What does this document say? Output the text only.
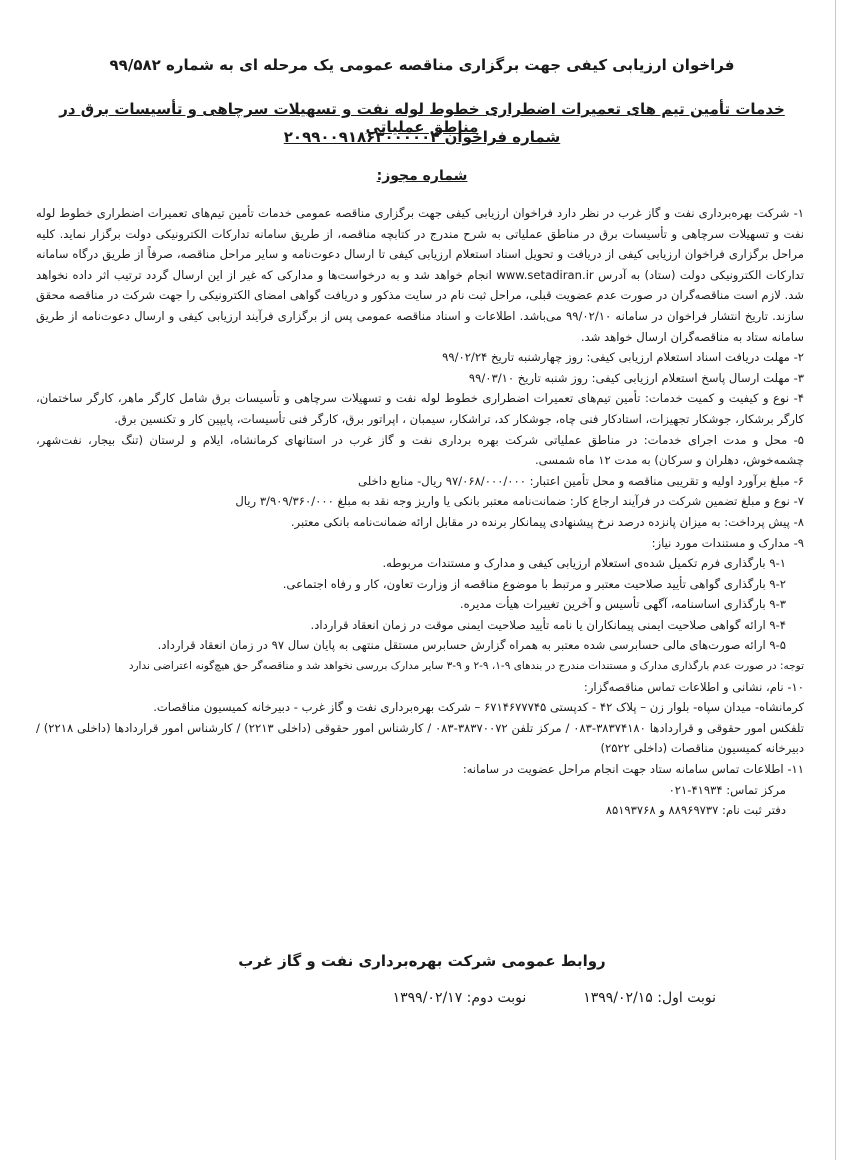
فراخوان ارزیابی کیفی جهت برگزاری مناقصه عمومی یک مرحله ای به شماره ۹۹/۵۸۲
خدمات تأمین تیم های تعمیرات اضطراری خطوط لوله نفت و تسهیلات سرچاهی و تأسیسات برق در مناطق عملیاتی
شماره فراخوان ۲۰۹۹۰۰۹۱۸۶۳۰۰۰۰۰۴
شماره مجوز:

۱- شرکت بهره‌برداری نفت و گاز غرب در نظر دارد فراخوان ارزیابی کیفی جهت برگزاری مناقصه عمومی خدمات تأمین تیم‌های تعمیرات اضطراری خطوط لوله نفت و تسهیلات سرچاهی و تأسیسات برق در مناطق عملیاتی به شرح مندرج در کتابچه مناقصه، از طریق سامانه تدارکات الکترونیکی دولت برگزار نماید. کلیه مراحل برگزاری فراخوان ارزیابی کیفی از دریافت و تحویل اسناد استعلام ارزیابی کیفی تا ارسال دعوت‌نامه و سایر مراحل مناقصه، صرفاً از طریق درگاه سامانه تدارکات الکترونیکی دولت (ستاد) به آدرس www.setadiran.ir انجام خواهد شد و به درخواست‌ها و مدارکی که غیر از این ارسال گردد ترتیب اثر داده نخواهد شد. لازم است مناقصه‌گران در صورت عدم عضویت قبلی، مراحل ثبت نام در سایت مذکور و دریافت گواهی امضای الکترونیکی را جهت شرکت در مناقصه محقق سازند. تاریخ انتشار فراخوان در سامانه ۹۹/۰۲/۱۰ می‌باشد. اطلاعات و اسناد مناقصه عمومی پس از برگزاری فرآیند ارزیابی کیفی و ارسال دعوت‌نامه از طریق سامانه ستاد به مناقصه‌گران ارسال خواهد شد.

۲- مهلت دریافت اسناد استعلام ارزیابی کیفی: روز چهارشنبه تاریخ ۹۹/۰۲/۲۴

۳- مهلت ارسال پاسخ استعلام ارزیابی کیفی: روز شنبه تاریخ ۹۹/۰۳/۱۰

۴- نوع و کیفیت و کمیت خدمات: تأمین تیم‌های تعمیرات اضطراری خطوط لوله نفت و تسهیلات سرچاهی و تأسیسات برق شامل کارگر ماهر، کارگر ساختمان، کارگر برشکار، جوشکار تجهیزات، استادکار فنی چاه، جوشکار کد، تراشکار، سیمبان ، اپراتور برق، کارگر فنی تأسیسات، پایپین کار و تکنسین برق.

۵- محل و مدت اجرای خدمات: در مناطق عملیاتی شرکت بهره برداری نفت و گاز غرب در استانهای کرمانشاه، ایلام و لرستان (تنگ بیجار، نفت‌شهر، چشمه‌خوش، دهلران و سرکان) به مدت ۱۲ ماه شمسی.

۶- مبلغ برآورد اولیه و تقریبی مناقصه و محل تأمین اعتبار: ۹۷/۰۶۸/۰۰۰/۰۰۰ ریال- منابع داخلی

۷- نوع و مبلغ تضمین شرکت در فرآیند ارجاع کار: ضمانت‌نامه معتبر بانکی یا واریز وجه نقد به مبلغ ۳/۹۰۹/۳۶۰/۰۰۰ ریال

۸- پیش پرداخت: به میزان پانزده درصد نرخ پیشنهادی پیمانکار برنده در مقابل ارائه ضمانت‌نامه بانکی معتبر.

۹- مدارک و مستندات مورد نیاز:

۹-۱ بارگذاری فرم تکمیل شده‌ی استعلام ارزیابی کیفی و مدارک و مستندات مربوطه.

۹-۲ بارگذاری گواهی تأیید صلاحیت معتبر و مرتبط با موضوع مناقصه از وزارت تعاون، کار و رفاه اجتماعی.

۹-۳ بارگذاری اساسنامه، آگهی تأسیس و آخرین تغییرات هیأت مدیره.

۹-۴ ارائه گواهی صلاحیت ایمنی پیمانکاران یا نامه تأیید صلاحیت ایمنی موقت در زمان انعقاد قرارداد.

۹-۵ ارائه صورت‌های مالی حسابرسی شده معتبر به همراه گزارش حسابرس مستقل منتهی به پایان سال ۹۷ در زمان انعقاد قرارداد.

توجه: در صورت عدم بارگذاری مدارک و مستندات مندرج در بندهای ۹-۱، ۹-۲ و ۹-۳ سایر مدارک بررسی نخواهد شد و مناقصه‌گر حق هیچ‌گونه اعتراضی ندارد

۱۰- نام، نشانی و اطلاعات تماس مناقصه‌گزار:

کرمانشاه- میدان سپاه- بلوار زن – پلاک ۴۲ - کدپستی ۶۷۱۴۶۷۷۷۴۵ – شرکت بهره‌برداری نفت و گاز غرب - دبیرخانه کمیسیون مناقصات.

تلفکس امور حقوقی و قراردادها ۳۸۳۷۴۱۸۰-۰۸۳ / مرکز تلفن ۳۸۳۷۰۰۷۲-۰۸۳ / کارشناس امور حقوقی (داخلی ۲۲۱۳) / کارشناس امور قراردادها (داخلی ۲۲۱۸) / دبیرخانه کمیسیون مناقصات (داخلی ۲۵۲۲)

۱۱- اطلاعات تماس سامانه ستاد جهت انجام مراحل عضویت در سامانه:

مرکز تماس: ۴۱۹۳۴-۰۲۱

دفتر ثبت نام: ۸۸۹۶۹۷۳۷ و ۸۵۱۹۳۷۶۸

روابط عمومی شرکت بهره‌برداری نفت و گاز غرب
نوبت اول: ۱۳۹۹/۰۲/۱۵  نوبت دوم: ۱۳۹۹/۰۲/۱۷
